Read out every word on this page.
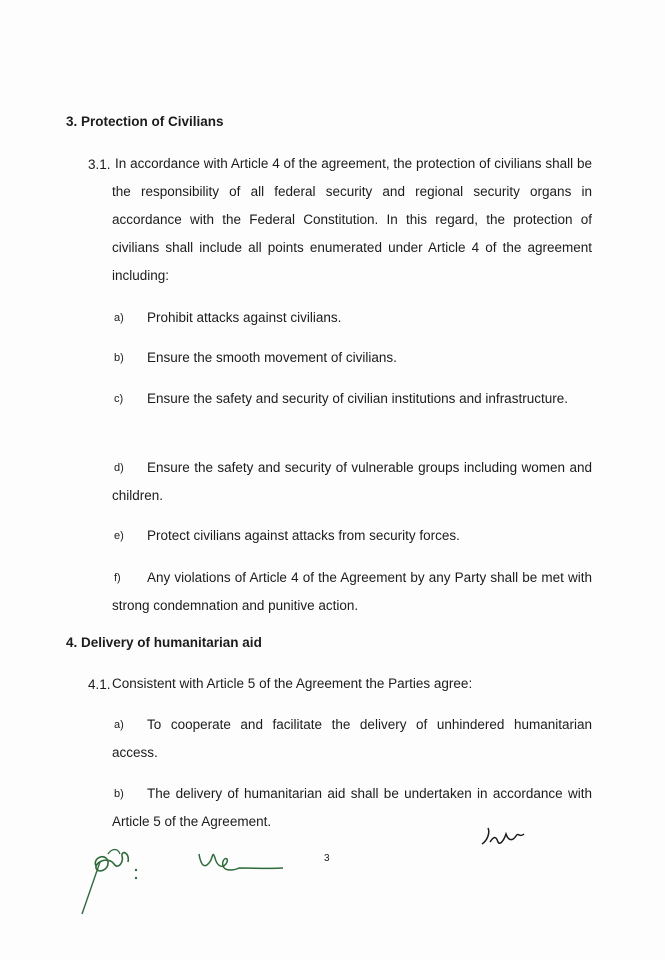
3. Protection of Civilians
3.1. In accordance with Article 4 of the agreement, the protection of civilians shall be the responsibility of all federal security and regional security organs in accordance with the Federal Constitution. In this regard, the protection of civilians shall include all points enumerated under Article 4 of the agreement including:
a) Prohibit attacks against civilians.
b) Ensure the smooth movement of civilians.
c)	Ensure the safety and security of civilian institutions and infrastructure.
d)	Ensure the safety and security of vulnerable groups including women and children.
e) Protect civilians against attacks from security forces.
f)	Any violations of Article 4 of the Agreement by any Party shall be met with strong condemnation and punitive action.
4. Delivery of humanitarian aid
4.1. Consistent with Article 5 of the Agreement the Parties agree:
a)	To cooperate and facilitate the delivery of unhindered humanitarian access.
b)	The delivery of humanitarian aid shall be undertaken in accordance with Article 5 of the Agreement.
3
